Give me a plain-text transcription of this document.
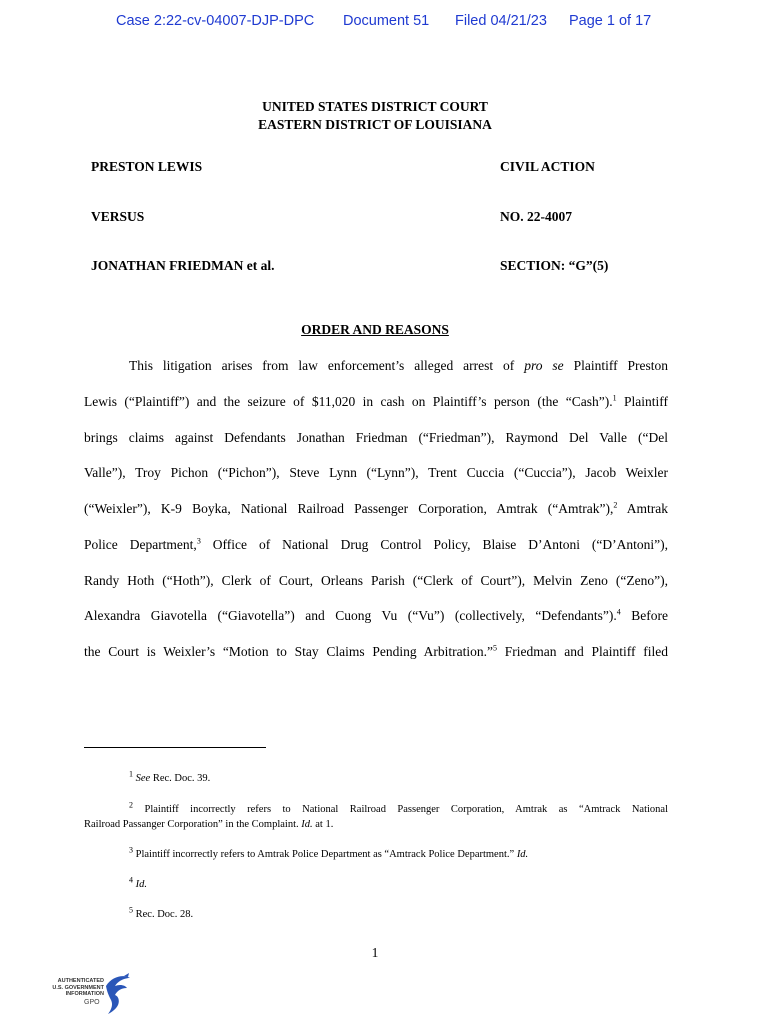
Case 2:22-cv-04007-DJP-DPC Document 51 Filed 04/21/23 Page 1 of 17
UNITED STATES DISTRICT COURT
EASTERN DISTRICT OF LOUISIANA
PRESTON LEWIS	CIVIL ACTION
VERSUS	NO. 22-4007
JONATHAN FRIEDMAN et al.	SECTION: “G”(5)
ORDER AND REASONS
This litigation arises from law enforcement’s alleged arrest of pro se Plaintiff Preston
Lewis (“Plaintiff”) and the seizure of $11,020 in cash on Plaintiff’s person (the “Cash”).$^1$ Plaintiff
brings claims against Defendants Jonathan Friedman (“Friedman”), Raymond Del Valle (“Del
Valle”), Troy Pichon (“Pichon”), Steve Lynn (“Lynn”), Trent Cuccia (“Cuccia”), Jacob Weixler
(“Weixler”), K-9 Boyka, National Railroad Passenger Corporation, Amtrak (“Amtrak”),$^2$ Amtrak
Police Department,$^3$ Office of National Drug Control Policy, Blaise D’Antoni (“D’Antoni”),
Randy Hoth (“Hoth”), Clerk of Court, Orleans Parish (“Clerk of Court”), Melvin Zeno (“Zeno”),
Alexandra Giavotella (“Giavotella”) and Cuong Vu (“Vu”) (collectively, “Defendants”).$^4$ Before
the Court is Weixler’s “Motion to Stay Claims Pending Arbitration.”$^5$ Friedman and Plaintiff filed
$^1$ See Rec. Doc. 39.
$^2$ Plaintiff incorrectly refers to National Railroad Passenger Corporation, Amtrak as “Amtrack National
Railroad Passanger Corporation” in the Complaint. Id. at 1.
$^3$ Plaintiff incorrectly refers to Amtrak Police Department as “Amtrack Police Department.” Id.
$^4$ Id.
$^5$ Rec. Doc. 28.
1
AUTHENTICATED
U.S. GOVERNMENT
INFORMATION
GPO
